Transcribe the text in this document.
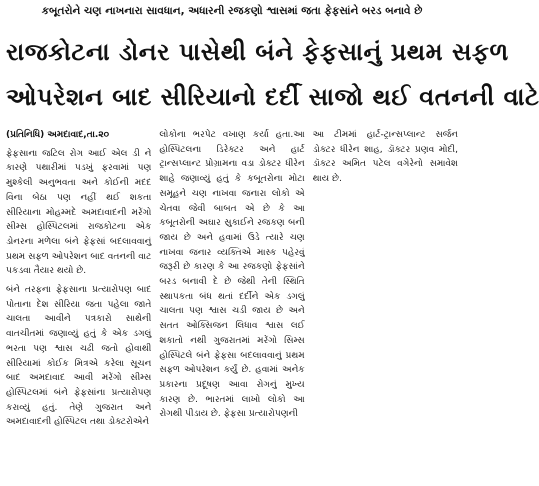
કબૂતરોને ચણ નાખનારા સાવધાન, અધારની રજકણો શ્વાસમાં જતા ફેફસાંને બરડ બનાવે છે
રાજકોટના ડોનર પાસેથી બંને ફેફસાનું પ્રથમ સફળ
ઓપરેશન બાદ સીરિયાનો દર્દી સાજો થઈ વતનની વાટે

(પ્રતિનિધિ) અમદાવાદ,તા.૨૦

ફેફસાના જટિલ રોગ આઈ એલ ડી ને કારણે પથારીમાં પડખું ફરવામાં પણ મુશ્કેલી અનુભવતા અને કોઈની મદદ વિના બેઠા પણ નહીં થઈ શકતા સીરિયાના મોહમ્મદે અમદાવાદની મરેંગો સીમ્સ હોસ્પિટલમાં રાજકોટના એક ડોનરના મળેલા બંને ફેફસાં બદલાવવાનું પ્રથમ સફળ ઓપરેશન બાદ વતનની વાટ પકડવા તૈયાર થયો છે.

બંને તરફના ફેફસાના પ્રત્યારોપણ બાદ પોતાના દેશ સીરિયા જતા પહેલા જાતે ચાલતા આવીને પત્રકારો સાથેની વાતચીતમાં જણાવ્યું હતું કે એક ડગલું ભરતા પણ શ્વાસ ચઢી જતો હોવાથી સીરિયામાં કોઈક મિત્રએ કરેલા સૂચન બાદ અમદાવાદ આવી મરેંગો સીમ્સ હોસ્પિટલમાં બંને ફેફસાંના પ્રત્યારોપણ કરાવ્યું હતું. તેણે ગુજરાત અને અમદાવાદની હોસ્પિટલ તથા ડોક્ટરોએને

લોકોના ભરપેટ વખાણ કર્યા હતા.આ હોસ્પિટલના ડિરેક્ટર અને હાર્ટ ટ્રાન્સપ્લાન્ટ પ્રોગ્રામના વડા ડોક્ટર ધીરેન શાહે જણાવ્યું હતું કે કબૂતરોના મોટા સમૂહને ચણ નાખવા જનારા લોકો એ ચેતવા જેવી બાબત એ છે કે આ કબૂતરોની અઘાર સુકાઈને રજકણ બની જાય છે અને હવામાં ઉડે ત્યારે ચણ નાખવા જનાર વ્યક્તિએ માસ્ક પહેરવું જરૂરી છે કારણ કે આ રજકણો ફેફસાંને બરડ બનાવી દે છે જેથી તેની સ્થિતિ સ્થાપકતા બંધ થતાં દર્દીને એક ડગલું ચાલતા પણ શ્વાસ ચડી જાય છે અને સતત ઓક્સિજન લિધાવ શ્વાસ લઈ શકાતો નથી ગુજરાતમાં મરેંગો સિમ્સ હોસ્પિટલે બંને ફેફસા બદલાવવાનું પ્રથમ સફળ ઓપરેશન કર્યું છે. હવામાં અનેક પ્રકારના પ્રદૂષણ આવા રોગનું મુખ્ય કારણ છે. ભારતમાં લાખો લોકો આ રોગથી પીડાય છે. ફેફસા પ્રત્યારોપણની

આ ટીમમાં હાર્ટ-ટ્રાન્સપ્લાન્ટ સર્જન ડોક્ટર ધીરેન શાહ, ડૉક્ટર પ્રણવ મોદી, ડૉક્ટર અમિત પટેલ વગેરેનો સમાવેશ થાય છે.
